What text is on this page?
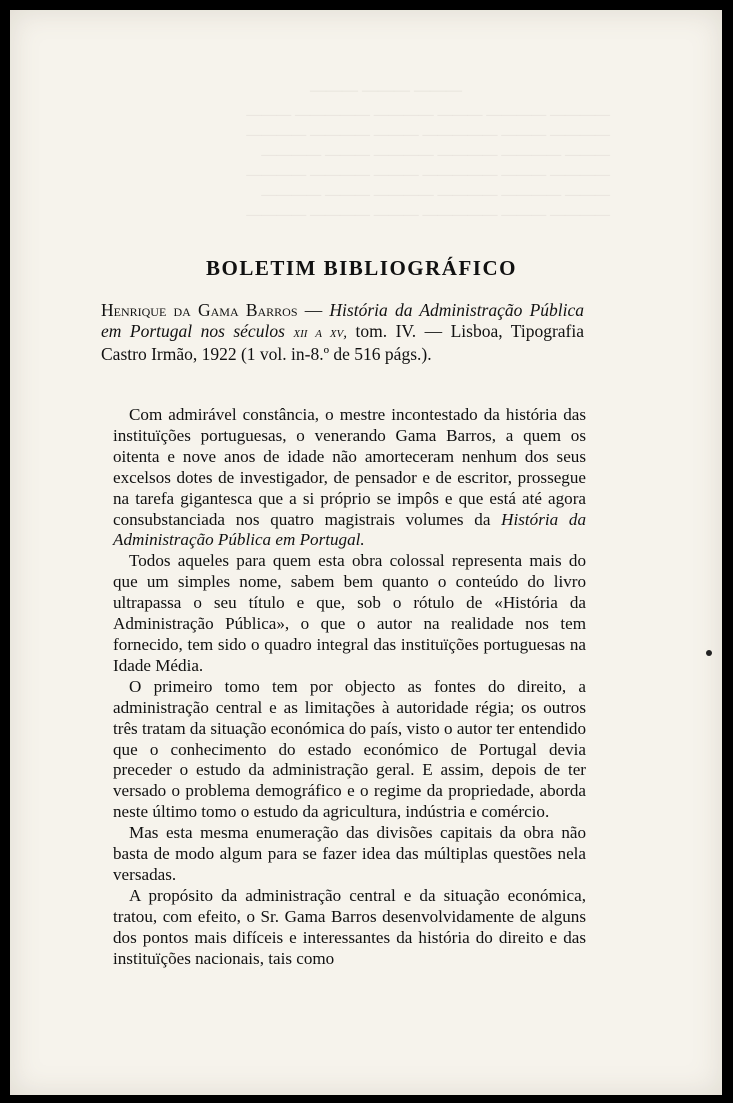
——— ——— ———
———— ———— ——— ———— ————— ———
———— ——— ————— ——— ———— ————
——— ———— ———— ———— ——— ————
———— ——— ————— ——— ———— ————
——— ———— ———— ———— ——— ————
———— ——— ————— ——— ———— ————
BOLETIM BIBLIOGRÁFICO
Henrique da Gama Barros — História da Administração Pública em Portugal nos séculos xii a xv, tom. IV. — Lisboa, Tipografia Castro Irmão, 1922 (1 vol. in-8.º de 516 págs.).

Com admirável constância, o mestre incontestado da história das instituïções portuguesas, o venerando Gama Barros, a quem os oitenta e nove anos de idade não amorteceram nenhum dos seus excelsos dotes de investigador, de pensador e de escritor, prossegue na tarefa gigantesca que a si próprio se impôs e que está até agora consubstanciada nos quatro magistrais volumes da História da Administração Pública em Portugal.

Todos aqueles para quem esta obra colossal representa mais do que um simples nome, sabem bem quanto o conteúdo do livro ultrapassa o seu título e que, sob o rótulo de «História da Administração Pública», o que o autor na realidade nos tem fornecido, tem sido o quadro integral das instituïções portuguesas na Idade Média.

O primeiro tomo tem por objecto as fontes do direito, a administração central e as limitações à autoridade régia; os outros três tratam da situação económica do país, visto o autor ter entendido que o conhecimento do estado económico de Portugal devia preceder o estudo da administração geral. E assim, depois de ter versado o problema demográfico e o regime da propriedade, aborda neste último tomo o estudo da agricultura, indústria e comércio.

Mas esta mesma enumeração das divisões capitais da obra não basta de modo algum para se fazer idea das múltiplas questões nela versadas.

A propósito da administração central e da situação económica, tratou, com efeito, o Sr. Gama Barros desenvolvidamente de alguns dos pontos mais difíceis e interessantes da história do direito e das instituïções nacionais, tais como
